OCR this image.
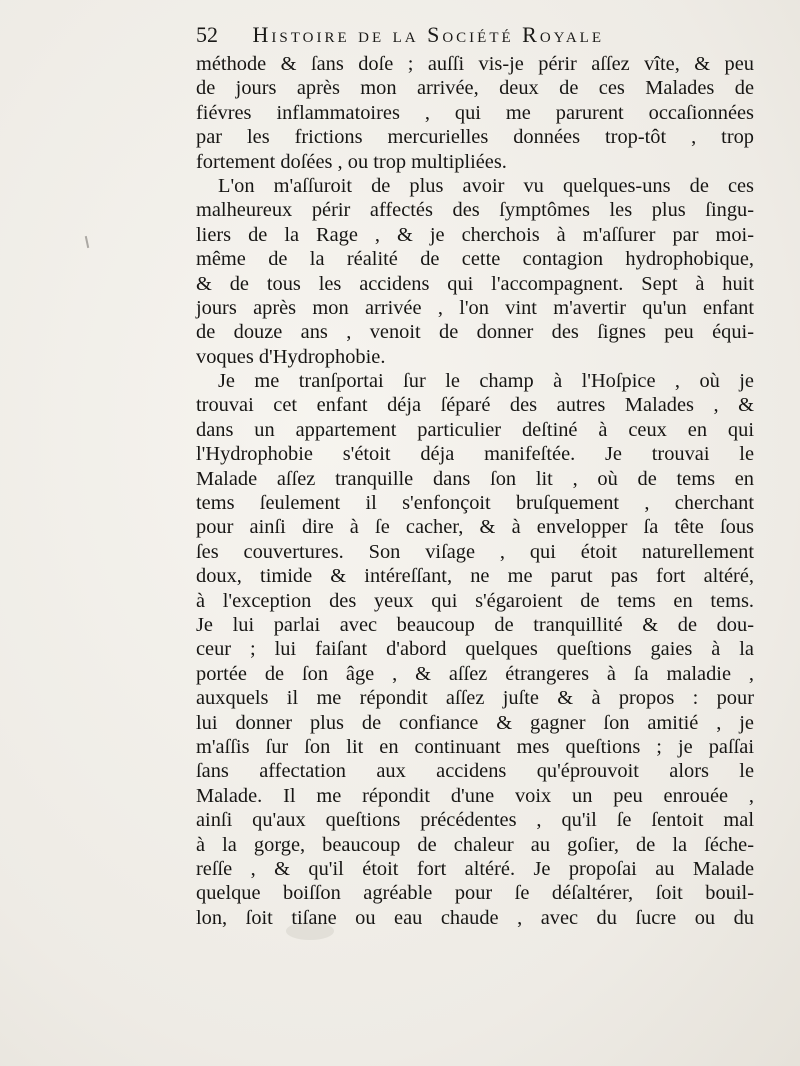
52 Histoire de la Société Royale
méthode & ſans doſe ; auſſi vis-je périr aſſez vîte, & peu
de jours après mon arrivée, deux de ces Malades de
fiévres inflammatoires , qui me parurent occaſionnées
par les frictions mercurielles données trop-tôt , trop
fortement doſées , ou trop multipliées.
L'on m'aſſuroit de plus avoir vu quelques-uns de ces
malheureux périr affectés des ſymptômes les plus ſingu-
liers de la Rage , & je cherchois à m'aſſurer par moi-
même de la réalité de cette contagion hydrophobique,
& de tous les accidens qui l'accompagnent. Sept à huit
jours après mon arrivée , l'on vint m'avertir qu'un enfant
de douze ans , venoit de donner des ſignes peu équi-
voques d'Hydrophobie.
Je me tranſportai ſur le champ à l'Hoſpice , où je
trouvai cet enfant déja ſéparé des autres Malades , &
dans un appartement particulier deſtiné à ceux en qui
l'Hydrophobie s'étoit déja manifeſtée. Je trouvai le
Malade aſſez tranquille dans ſon lit , où de tems en
tems ſeulement il s'enfonçoit bruſquement , cherchant
pour ainſi dire à ſe cacher, & à envelopper ſa tête ſous
ſes couvertures. Son viſage , qui étoit naturellement
doux, timide & intéreſſant, ne me parut pas fort altéré,
à l'exception des yeux qui s'égaroient de tems en tems.
Je lui parlai avec beaucoup de tranquillité & de dou-
ceur ; lui faiſant d'abord quelques queſtions gaies à la
portée de ſon âge , & aſſez étrangeres à ſa maladie ,
auxquels il me répondit aſſez juſte & à propos : pour
lui donner plus de confiance & gagner ſon amitié , je
m'aſſis ſur ſon lit en continuant mes queſtions ; je paſſai
ſans affectation aux accidens qu'éprouvoit alors le
Malade. Il me répondit d'une voix un peu enrouée ,
ainſi qu'aux queſtions précédentes , qu'il ſe ſentoit mal
à la gorge, beaucoup de chaleur au goſier, de la ſéche-
reſſe , & qu'il étoit fort altéré. Je propoſai au Malade
quelque boiſſon agréable pour ſe déſaltérer, ſoit bouil-
lon, ſoit tiſane ou eau chaude , avec du ſucre ou du
